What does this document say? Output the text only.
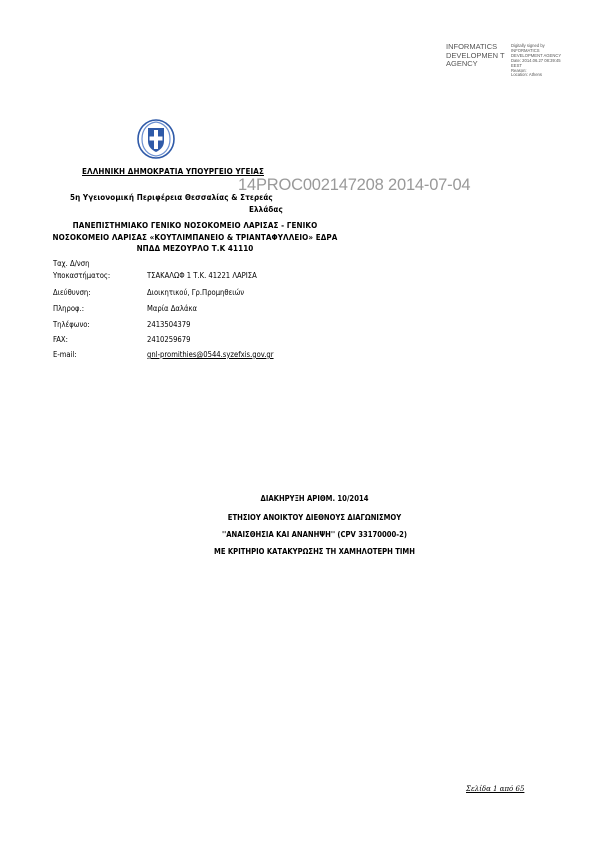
INFORMATICS DEVELOPMEN T AGENCY
Digitally signed by
INFORMATICS
DEVELOPMENT AGENCY
Date: 2014.06.27 08:39:45
EEST
Reason:
Location: Athens
ΕΛΛΗΝΙΚΗ ΔΗΜΟΚΡΑΤΙΑ ΥΠΟΥΡΓΕΙΟ ΥΓΕΙΑΣ
5η Υγειονομική Περιφέρεια Θεσσαλίας & Στερεάς
Ελλάδας
ΠΑΝΕΠΙΣΤΗΜΙΑΚΟ ΓΕΝΙΚΟ ΝΟΣΟΚΟΜΕΙΟ ΛΑΡΙΣΑΣ - ΓΕΝΙΚΟ ΝΟΣΟΚΟΜΕΙΟ ΛΑΡΙΣΑΣ «ΚΟΥΤΛΙΜΠΑΝΕΙΟ & ΤΡΙΑΝΤΑΦΥΛΛΕΙΟ» ΕΔΡΑ ΝΠΔΔ ΜΕΖΟΥΡΛΟ Τ.Κ 41110
14PROC002147208 2014-07-04
Ταχ. Δ/νση
Υποκαστήματος:	ΤΣΑΚΑΛΩΦ 1 Τ.Κ. 41221 ΛΑΡΙΣΑ
Διεύθυνση:	Διοικητικού, Γρ.Προμηθειών
Πληροφ.:	Μαρία Δαλάκα
Τηλέφωνο:	2413504379
FAX:	2410259679
E-mail:	gnl-promithies@0544.syzefxis.gov.gr
ΔΙΑΚΗΡΥΞΗ ΑΡΙΘΜ. 10/2014
ΕΤΗΣΙΟΥ ΑΝΟΙΚΤΟΥ ΔΙΕΘΝΟΥΣ ΔΙΑΓΩΝΙΣΜΟΥ
''ΑΝΑΙΣΘΗΣΙΑ ΚΑΙ ΑΝΑΝΗΨΗ'' (CPV 33170000-2)
ΜΕ ΚΡΙΤΗΡΙΟ ΚΑΤΑΚΥΡΩΣΗΣ ΤΗ ΧΑΜΗΛΟΤΕΡΗ ΤΙΜΗ
Σελίδα 1 από 65
